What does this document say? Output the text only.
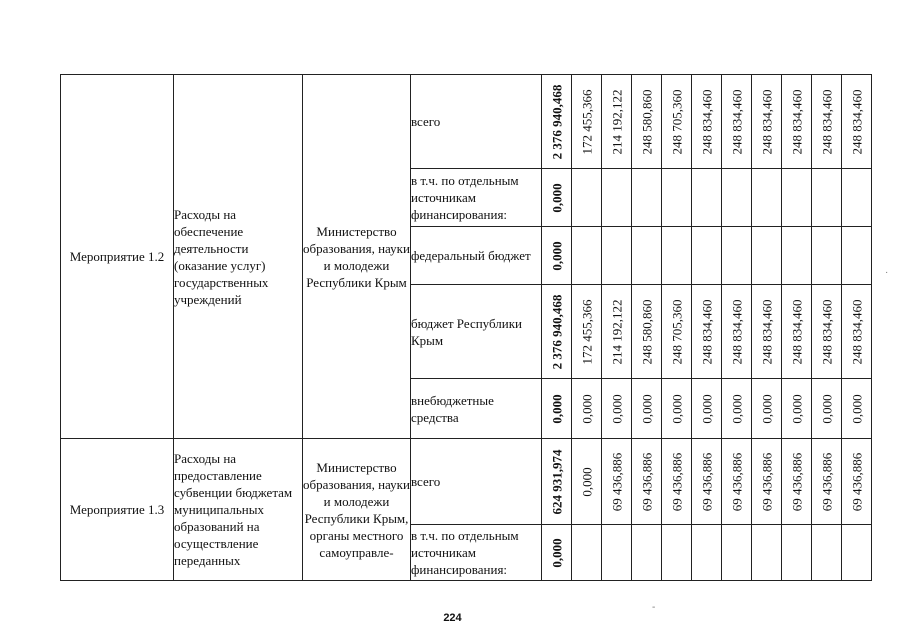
Мероприятие 1.2	Расходы на обеспечение деятельности (оказание услуг) государственных учреждений	Министерство образования, науки и молодежи Республики Крым	всего	2 376 940,468	172 455,366	214 192,122	248 580,860	248 705,360	248 834,460	248 834,460	248 834,460	248 834,460	248 834,460	248 834,460

			в т.ч. по отдельным источникам финансирования:	0,000										

			федеральный бюджет	0,000										

			бюджет Республики Крым	2 376 940,468	172 455,366	214 192,122	248 580,860	248 705,360	248 834,460	248 834,460	248 834,460	248 834,460	248 834,460	248 834,460

			внебюджетные средства	0,000	0,000	0,000	0,000	0,000	0,000	0,000	0,000	0,000	0,000	0,000

Мероприятие 1.3	Расходы на предоставление субвенции бюджетам муниципальных образований на осуществление переданных	Министерство образования, науки и молодежи Республики Крым, органы местного самоуправле-	всего	624 931,974	0,000	69 436,886	69 436,886	69 436,886	69 436,886	69 436,886	69 436,886	69 436,886	69 436,886	69 436,886

			в т.ч. по отдельным источникам финансирования:	0,000										

224
·
-
